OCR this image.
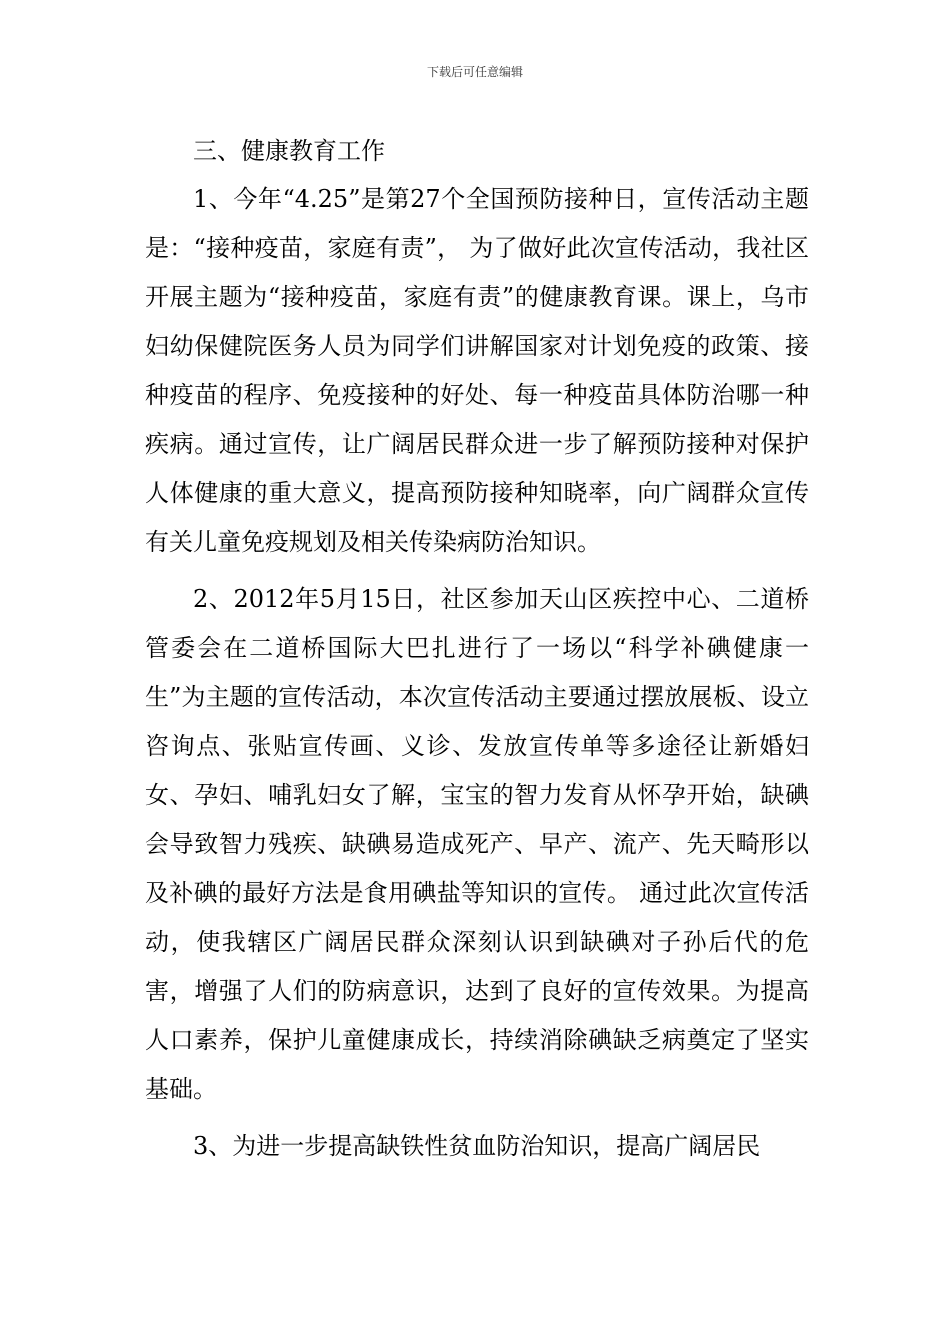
下载后可任意编辑

三、健康教育工作

1、今年“4.25”是第27个全国预防接种日，宣传活动主题是：“接种疫苗，家庭有责”， 为了做好此次宣传活动，我社区开展主题为“接种疫苗，家庭有责”的健康教育课。课上，乌市妇幼保健院医务人员为同学们讲解国家对计划免疫的政策、接种疫苗的程序、免疫接种的好处、每一种疫苗具体防治哪一种疾病。通过宣传，让广阔居民群众进一步了解预防接种对保护人体健康的重大意义，提高预防接种知晓率，向广阔群众宣传有关儿童免疫规划及相关传染病防治知识。

2、2012年5月15日，社区参加天山区疾控中心、二道桥管委会在二道桥国际大巴扎进行了一场以“科学补碘健康一生”为主题的宣传活动，本次宣传活动主要通过摆放展板、设立咨询点、张贴宣传画、义诊、发放宣传单等多途径让新婚妇女、孕妇、哺乳妇女了解，宝宝的智力发育从怀孕开始，缺碘会导致智力残疾、缺碘易造成死产、早产、流产、先天畸形以及补碘的最好方法是食用碘盐等知识的宣传。 通过此次宣传活动，使我辖区广阔居民群众深刻认识到缺碘对子孙后代的危害，增强了人们的防病意识，达到了良好的宣传效果。为提高人口素养，保护儿童健康成长，持续消除碘缺乏病奠定了坚实基础。

3、为进一步提高缺铁性贫血防治知识，提高广阔居民
